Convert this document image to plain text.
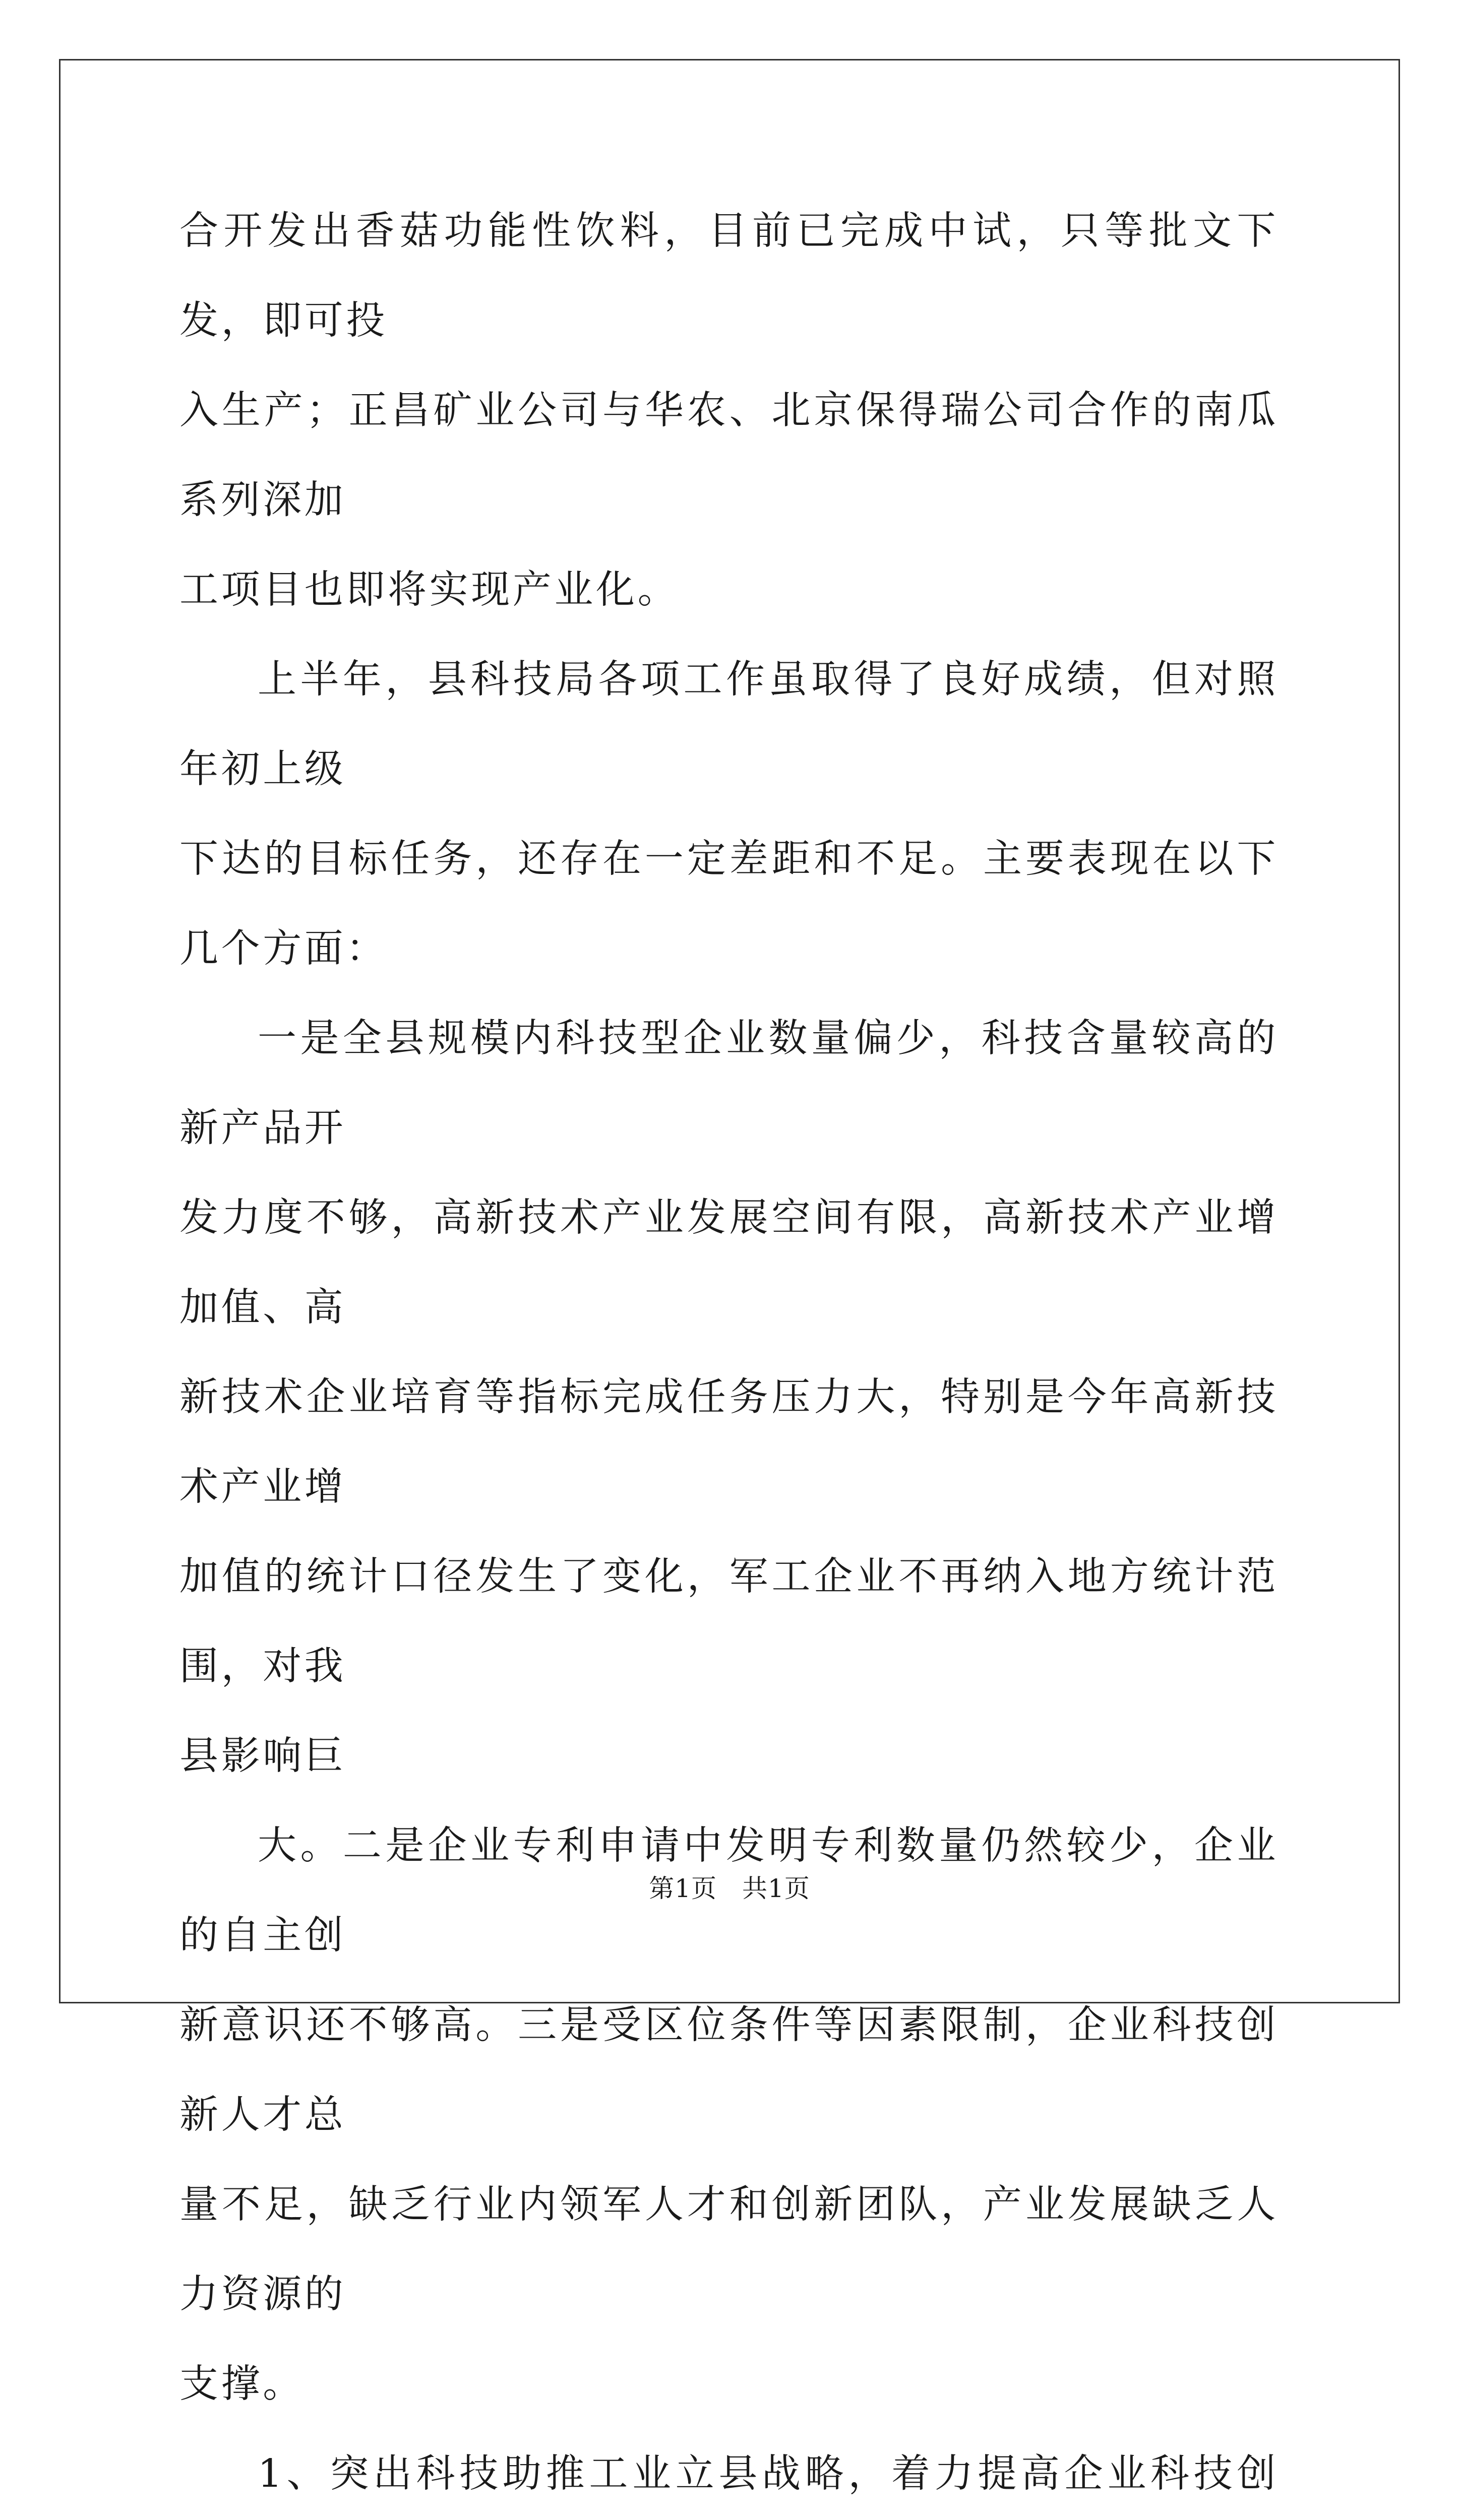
合开发出香菇功能性饮料，目前已完成中试，只等批文下发，即可投
入生产；正昌矿业公司与华农、北京保得瑞公司合作的南瓜系列深加
工项目也即将实现产业化。
上半年，县科技局各项工作虽取得了良好成绩，但对照年初上级
下达的目标任务，还存在一定差距和不足。主要表现在以下几个方面：
一是全县规模内科技型企业数量偏少，科技含量较高的新产品开
发力度不够，高新技术产业发展空间有限，高新技术产业增加值、高
新技术企业培育等指标完成任务压力大，特别是今年高新技术产业增
加值的统计口径发生了变化，军工企业不再纳入地方统计范围，对我
县影响巨
大。二是企业专利申请中发明专利数量仍然较少，企业的自主创
新意识还不够高。三是受区位条件等因素限制，企业科技创新人才总
量不足，缺乏行业内领军人才和创新团队，产业发展缺乏人力资源的
支撑。
1、突出科技助推工业立县战略，着力提高企业科技创

第1页 共1页
